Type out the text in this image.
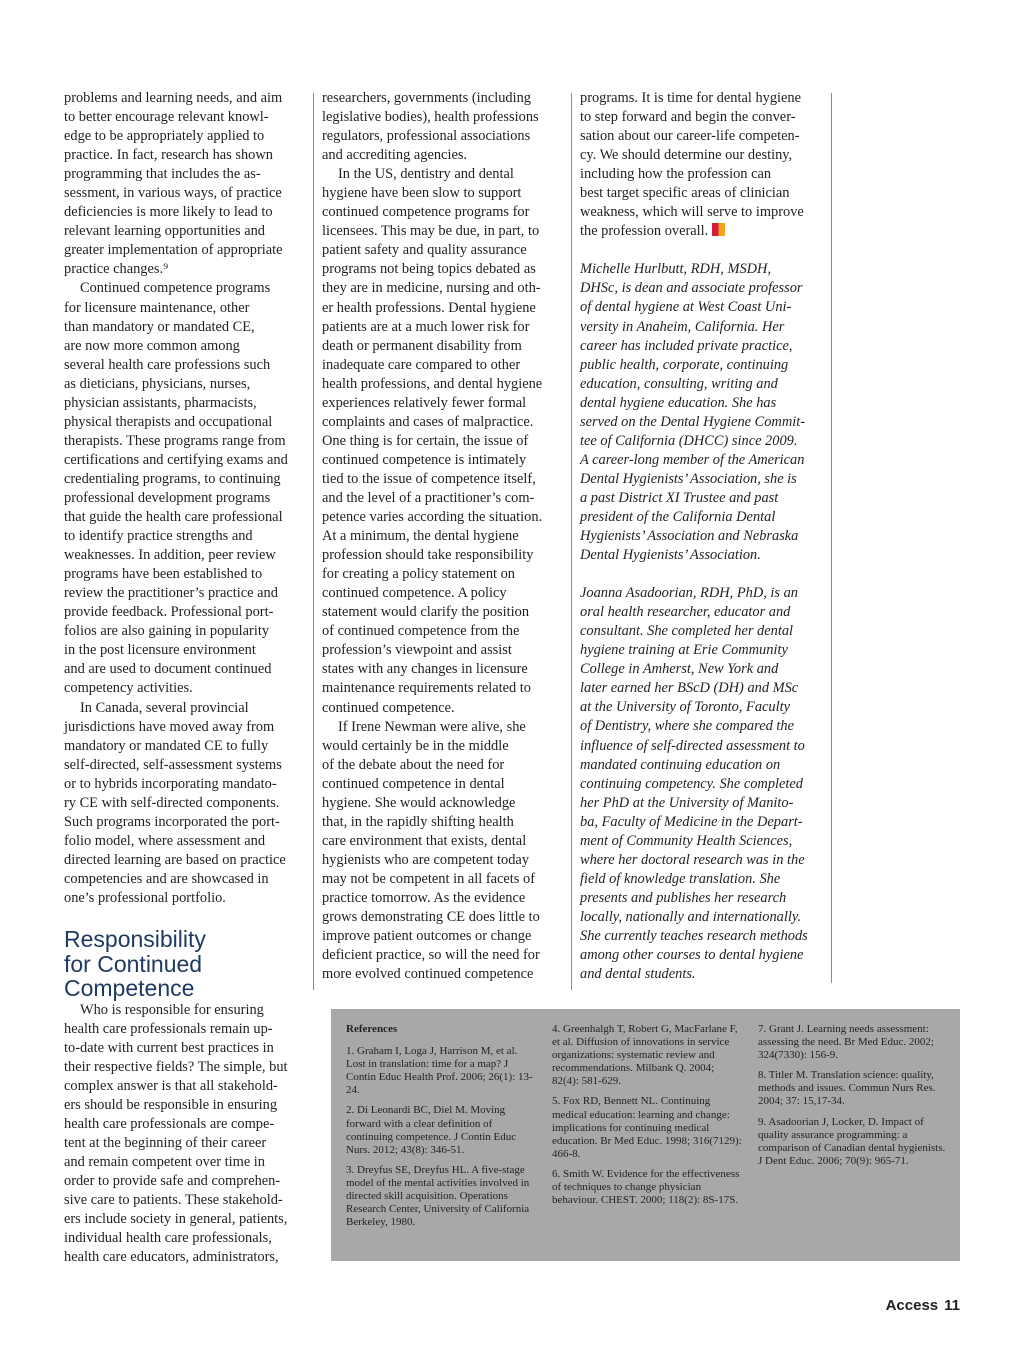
problems and learning needs, and aim
to better encourage relevant knowl-
edge to be appropriately applied to
practice. In fact, research has shown
programming that includes the as-
sessment, in various ways, of practice
deficiencies is more likely to lead to
relevant learning opportunities and
greater implementation of appropriate
practice changes.⁹
Continued competence programs
for licensure maintenance, other
than mandatory or mandated CE,
are now more common among
several health care professions such
as dieticians, physicians, nurses,
physician assistants, pharmacists,
physical therapists and occupational
therapists. These programs range from
certifications and certifying exams and
credentialing programs, to continuing
professional development programs
that guide the health care professional
to identify practice strengths and
weaknesses. In addition, peer review
programs have been established to
review the practitioner’s practice and
provide feedback. Professional port-
folios are also gaining in popularity
in the post licensure environment
and are used to document continued
competency activities.
In Canada, several provincial
jurisdictions have moved away from
mandatory or mandated CE to fully
self-directed, self-assessment systems
or to hybrids incorporating mandato-
ry CE with self-directed components.
Such programs incorporated the port-
folio model, where assessment and
directed learning are based on practice
competencies and are showcased in
one’s professional portfolio.
Responsibility
for Continued
Competence
Who is responsible for ensuring
health care professionals remain up-
to-date with current best practices in
their respective fields? The simple, but
complex answer is that all stakehold-
ers should be responsible in ensuring
health care professionals are compe-
tent at the beginning of their career
and remain competent over time in
order to provide safe and comprehen-
sive care to patients. These stakehold-
ers include society in general, patients,
individual health care professionals,
health care educators, administrators,
researchers, governments (including
legislative bodies), health professions
regulators, professional associations
and accrediting agencies.
In the US, dentistry and dental
hygiene have been slow to support
continued competence programs for
licensees. This may be due, in part, to
patient safety and quality assurance
programs not being topics debated as
they are in medicine, nursing and oth-
er health professions. Dental hygiene
patients are at a much lower risk for
death or permanent disability from
inadequate care compared to other
health professions, and dental hygiene
experiences relatively fewer formal
complaints and cases of malpractice.
One thing is for certain, the issue of
continued competence is intimately
tied to the issue of competence itself,
and the level of a practitioner’s com-
petence varies according the situation.
At a minimum, the dental hygiene
profession should take responsibility
for creating a policy statement on
continued competence. A policy
statement would clarify the position
of continued competence from the
profession’s viewpoint and assist
states with any changes in licensure
maintenance requirements related to
continued competence.
If Irene Newman were alive, she
would certainly be in the middle
of the debate about the need for
continued competence in dental
hygiene. She would acknowledge
that, in the rapidly shifting health
care environment that exists, dental
hygienists who are competent today
may not be competent in all facets of
practice tomorrow. As the evidence
grows demonstrating CE does little to
improve patient outcomes or change
deficient practice, so will the need for
more evolved continued competence
programs. It is time for dental hygiene
to step forward and begin the conver-
sation about our career-life competen-
cy. We should determine our destiny,
including how the profession can
best target specific areas of clinician
weakness, which will serve to improve
the profession overall.
Michelle Hurlbutt, RDH, MSDH,
DHSc, is dean and associate professor
of dental hygiene at West Coast Uni-
versity in Anaheim, California. Her
career has included private practice,
public health, corporate, continuing
education, consulting, writing and
dental hygiene education. She has
served on the Dental Hygiene Commit-
tee of California (DHCC) since 2009.
A career-long member of the American
Dental Hygienists’ Association, she is
a past District XI Trustee and past
president of the California Dental
Hygienists’ Association and Nebraska
Dental Hygienists’ Association.
Joanna Asadoorian, RDH, PhD, is an
oral health researcher, educator and
consultant. She completed her dental
hygiene training at Erie Community
College in Amherst, New York and
later earned her BScD (DH) and MSc
at the University of Toronto, Faculty
of Dentistry, where she compared the
influence of self-directed assessment to
mandated continuing education on
continuing competency. She completed
her PhD at the University of Manito-
ba, Faculty of Medicine in the Depart-
ment of Community Health Sciences,
where her doctoral research was in the
field of knowledge translation. She
presents and publishes her research
locally, nationally and internationally.
She currently teaches research methods
among other courses to dental hygiene
and dental students.
References
1. Graham I, Loga J, Harrison M, et al. Lost in translation: time for a map? J Contin Educ Health Prof. 2006; 26(1): 13-24.
2. Di Leonardi BC, Diel M. Moving forward with a clear definition of continuing competence. J Contin Educ Nurs. 2012; 43(8): 346-51.
3. Dreyfus SE, Dreyfus HL. A five-stage model of the mental activities involved in directed skill acquisition. Operations Research Center, University of California Berkeley, 1980.
4. Greenhalgh T, Robert G, MacFarlane F, et al. Diffusion of innovations in service organizations: systematic review and recommendations. Milbank Q. 2004; 82(4): 581-629.
5. Fox RD, Bennett NL. Continuing medical education: learning and change: implications for continuing medical education. Br Med Educ. 1998; 316(7129): 466-8.
6. Smith W. Evidence for the effectiveness of techniques to change physician behaviour. CHEST. 2000; 118(2): 8S-17S.
7. Grant J. Learning needs assessment: assessing the need. Br Med Educ. 2002; 324(7330): 156-9.
8. Titler M. Translation science: quality, methods and issues. Commun Nurs Res. 2004; 37: 15,17-34.
9. Asadoorian J, Locker, D. Impact of quality assurance programming: a comparison of Canadian dental hygienists. J Dent Educ. 2006; 70(9): 965-71.
Access 11
